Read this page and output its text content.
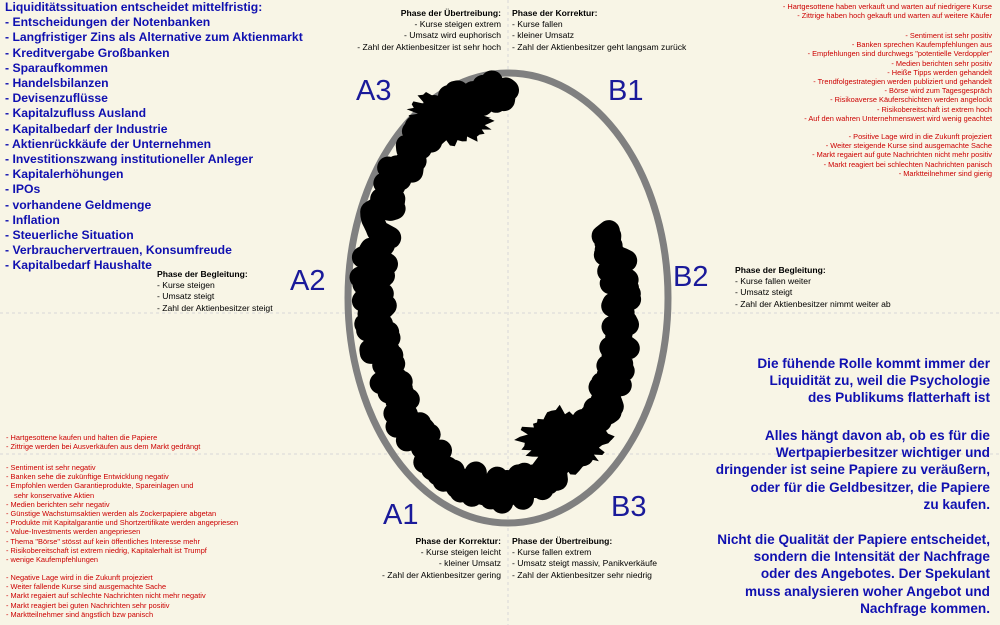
Liquiditätssituation entscheidet mittelfristig:
- Entscheidungen der Notenbanken
- Langfristiger Zins als Alternative zum Aktienmarkt
- Kreditvergabe Großbanken
- Sparaufkommen
- Handelsbilanzen
- Devisenzuflüsse
- Kapitalzufluss Ausland
- Kapitalbedarf der Industrie
- Aktienrückkäufe der Unternehmen
- Investitionszwang institutioneller Anleger
- Kapitalerhöhungen
- IPOs
- vorhandene Geldmenge
- Inflation
- Steuerliche Situation
- Verbrauchervertrauen, Konsumfreude
- Kapitalbedarf Haushalte
A3	B1
A2	B2
A1	B3
Phase der Übertreibung:
- Kurse steigen extrem
- Umsatz wird euphorisch
- Zahl der Aktienbesitzer ist sehr hoch
Phase der Korrektur:
- Kurse fallen
- kleiner Umsatz
- Zahl der Aktienbesitzer geht langsam zurück
Phase der Begleitung:
- Kurse steigen
- Umsatz steigt
- Zahl der Aktienbesitzer steigt
Phase der Begleitung:
- Kurse fallen weiter
- Umsatz steigt
- Zahl der Aktienbesitzer nimmt weiter ab
Phase der Korrektur:
- Kurse steigen leicht
- kleiner Umsatz
- Zahl der Aktienbesitzer gering
Phase der Übertreibung:
- Kurse fallen extrem
- Umsatz steigt massiv, Panikverkäufe
- Zahl der Aktienbesitzer sehr niedrig
- Hartgesottene haben verkauft und warten auf niedrigere Kurse
- Zittrige haben hoch gekauft und warten auf weitere Käufer
- Sentiment ist sehr positiv
- Banken sprechen Kaufempfehlungen aus
- Empfehlungen sind durchwegs "potentielle Verdoppler"
- Medien berichten sehr positiv
- Heiße Tipps werden gehandelt
- Trendfolgestrategien werden publiziert und gehandelt
- Börse wird zum Tagesgespräch
- Risikoaverse Käuferschichten werden angelockt
- Risikobereitschaft ist extrem hoch
- Auf den wahren Unternehmenswert wird wenig geachtet
- Positive Lage wird in die Zukunft projeziert
- Weiter steigende Kurse sind ausgemachte Sache
- Markt regaiert auf gute Nachrichten nicht mehr positiv
- Markt reagiert bei schlechten Nachrichten panisch
- Marktteilnehmer sind gierig
- Hartgesottene kaufen und halten die Papiere
- Zittrige werden bei Ausverkäufen aus dem Markt gedrängt
- Sentiment ist sehr negativ
- Banken sehe die zukünftige Entwicklung negativ
- Empfohlen werden Garantieprodukte, Spareinlagen und
sehr konservative Aktien
- Medien berichten sehr negativ
- Günstige Wachstumsaktien werden als Zockerpapiere abgetan
- Produkte mit Kapitalgarantie und Shortzertifikate werden angepriesen
- Value-Investments werden angepriesen
- Thema "Börse" stösst auf kein öffentliches Interesse mehr
- Risikobereitschaft ist extrem niedrig, Kapitalerhalt ist Trumpf
- wenige Kaufempfehlungen
- Negative Lage wird in die Zukunft projeziert
- Weiter fallende Kurse sind ausgemachte Sache
- Markt regaiert auf schlechte Nachrichten nicht mehr negativ
- Markt reagiert bei guten Nachrichten sehr positiv
- Marktteilnehmer sind ängstlich bzw panisch
Die fühende Rolle kommt immer der
Liquidität zu, weil die Psychologie
des Publikums flatterhaft ist
Alles hängt davon ab, ob es für die
Wertpapierbesitzer wichtiger und
dringender ist seine Papiere zu veräußern,
oder für die Geldbesitzer, die Papiere
zu kaufen.
Nicht die Qualität der Papiere entscheidet,
sondern die Intensität der Nachfrage
oder des Angebotes. Der Spekulant
muss analysieren woher Angebot und
Nachfrage kommen.
